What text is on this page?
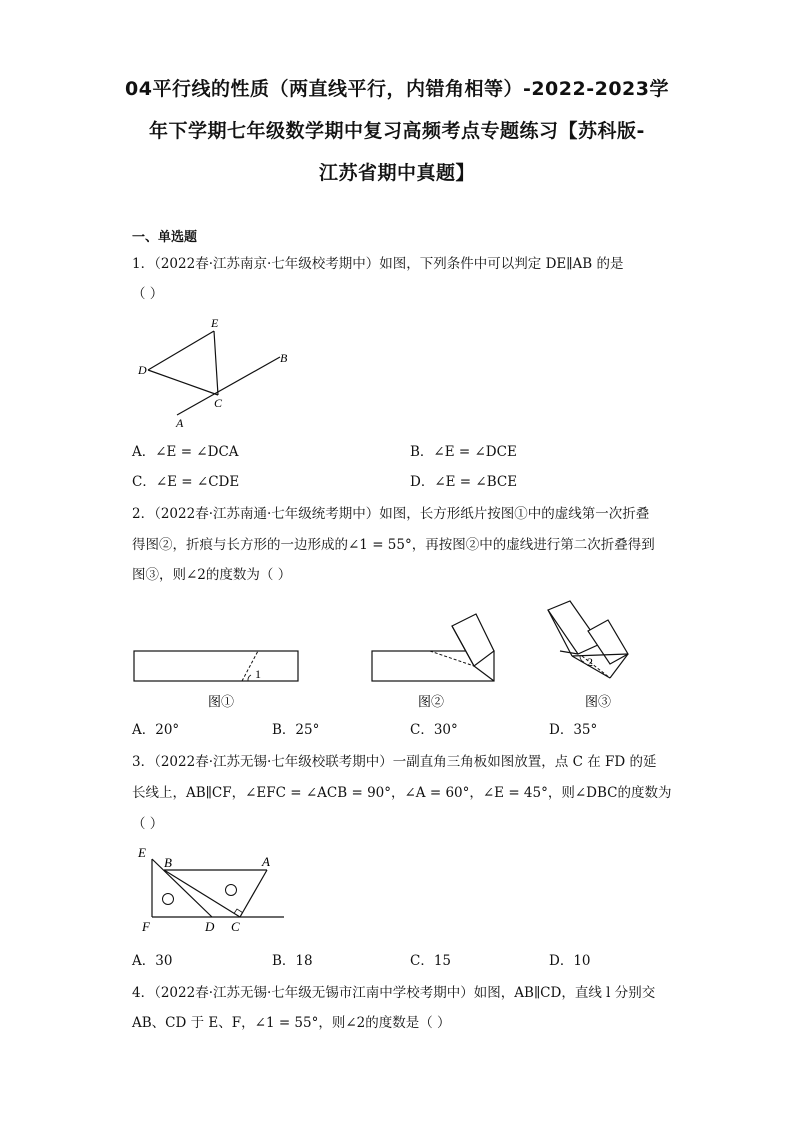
04平行线的性质（两直线平行，内错角相等）-2022-2023学
年下学期七年级数学期中复习高频考点专题练习【苏科版-
江苏省期中真题】
一、单选题
1．（2022春·江苏南京·七年级校考期中）如图，下列条件中可以判定 DE∥AB 的是
（ ）
E
D
C
B
A
A．∠E = ∠DCA	B．∠E = ∠DCE
C．∠E = ∠CDE	D．∠E = ∠BCE
2．（2022春·江苏南通·七年级统考期中）如图，长方形纸片按图①中的虚线第一次折叠
得图②，折痕与长方形的一边形成的∠1 = 55°，再按图②中的虚线进行第二次折叠得到
图③，则∠2的度数为（ ）
1
2
图①	图②	图③
A．20°	B．25°	C．30°	D．35°
3．（2022春·江苏无锡·七年级校联考期中）一副直角三角板如图放置，点 C 在 FD 的延
长线上，AB∥CF，∠EFC = ∠ACB = 90°，∠A = 60°，∠E = 45°，则∠DBC的度数为
（ ）
E
B	A
F	D C
A．30	B．18	C．15	D．10
4．（2022春·江苏无锡·七年级无锡市江南中学校考期中）如图，AB∥CD，直线 l 分别交
AB、CD 于 E、F，∠1 = 55°，则∠2的度数是（ ）
